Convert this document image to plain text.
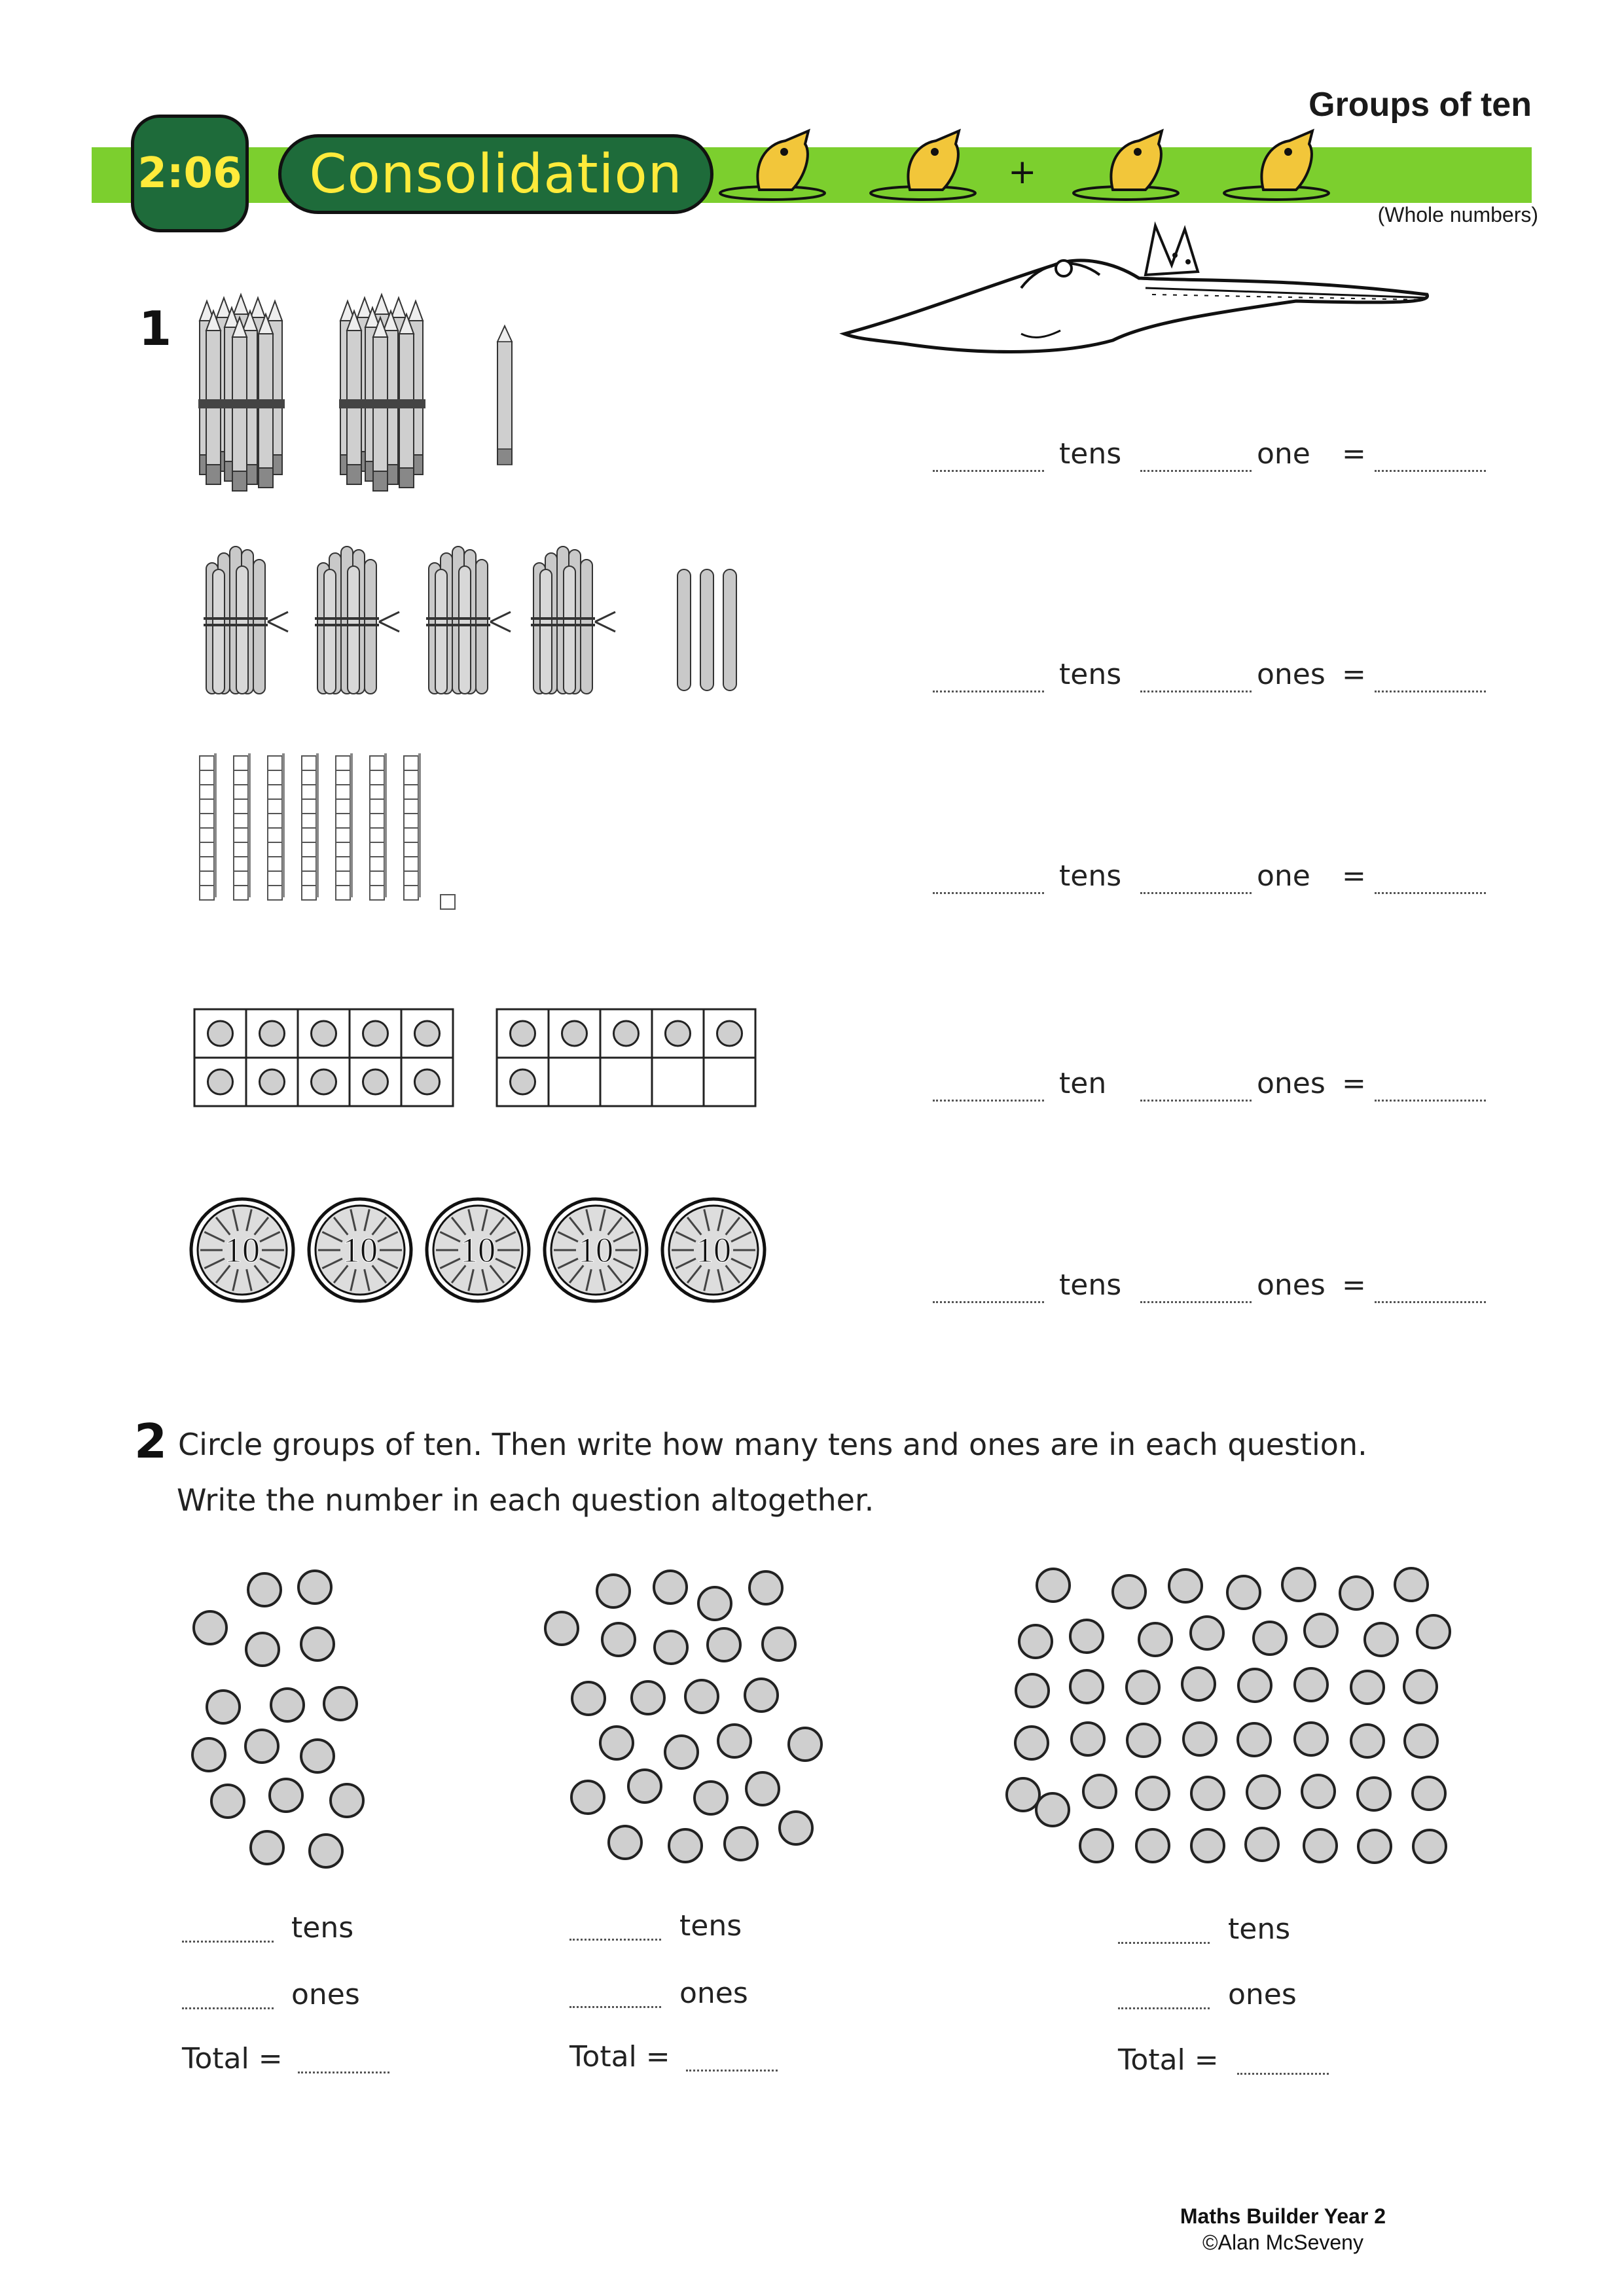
Groups of ten
2:06	Consolidation	+
(Whole numbers)
1
10 10 10 10 10
tens	one =
tens	ones =
tens	one =
ten	ones =
tens	ones =
2 Circle groups of ten. Then write how many tens and ones are in each question.
Write the number in each question altogether.
tens
ones
Total =
tens
ones
Total =
tens
ones
Total =
Maths Builder Year 2
©Alan McSeveny
